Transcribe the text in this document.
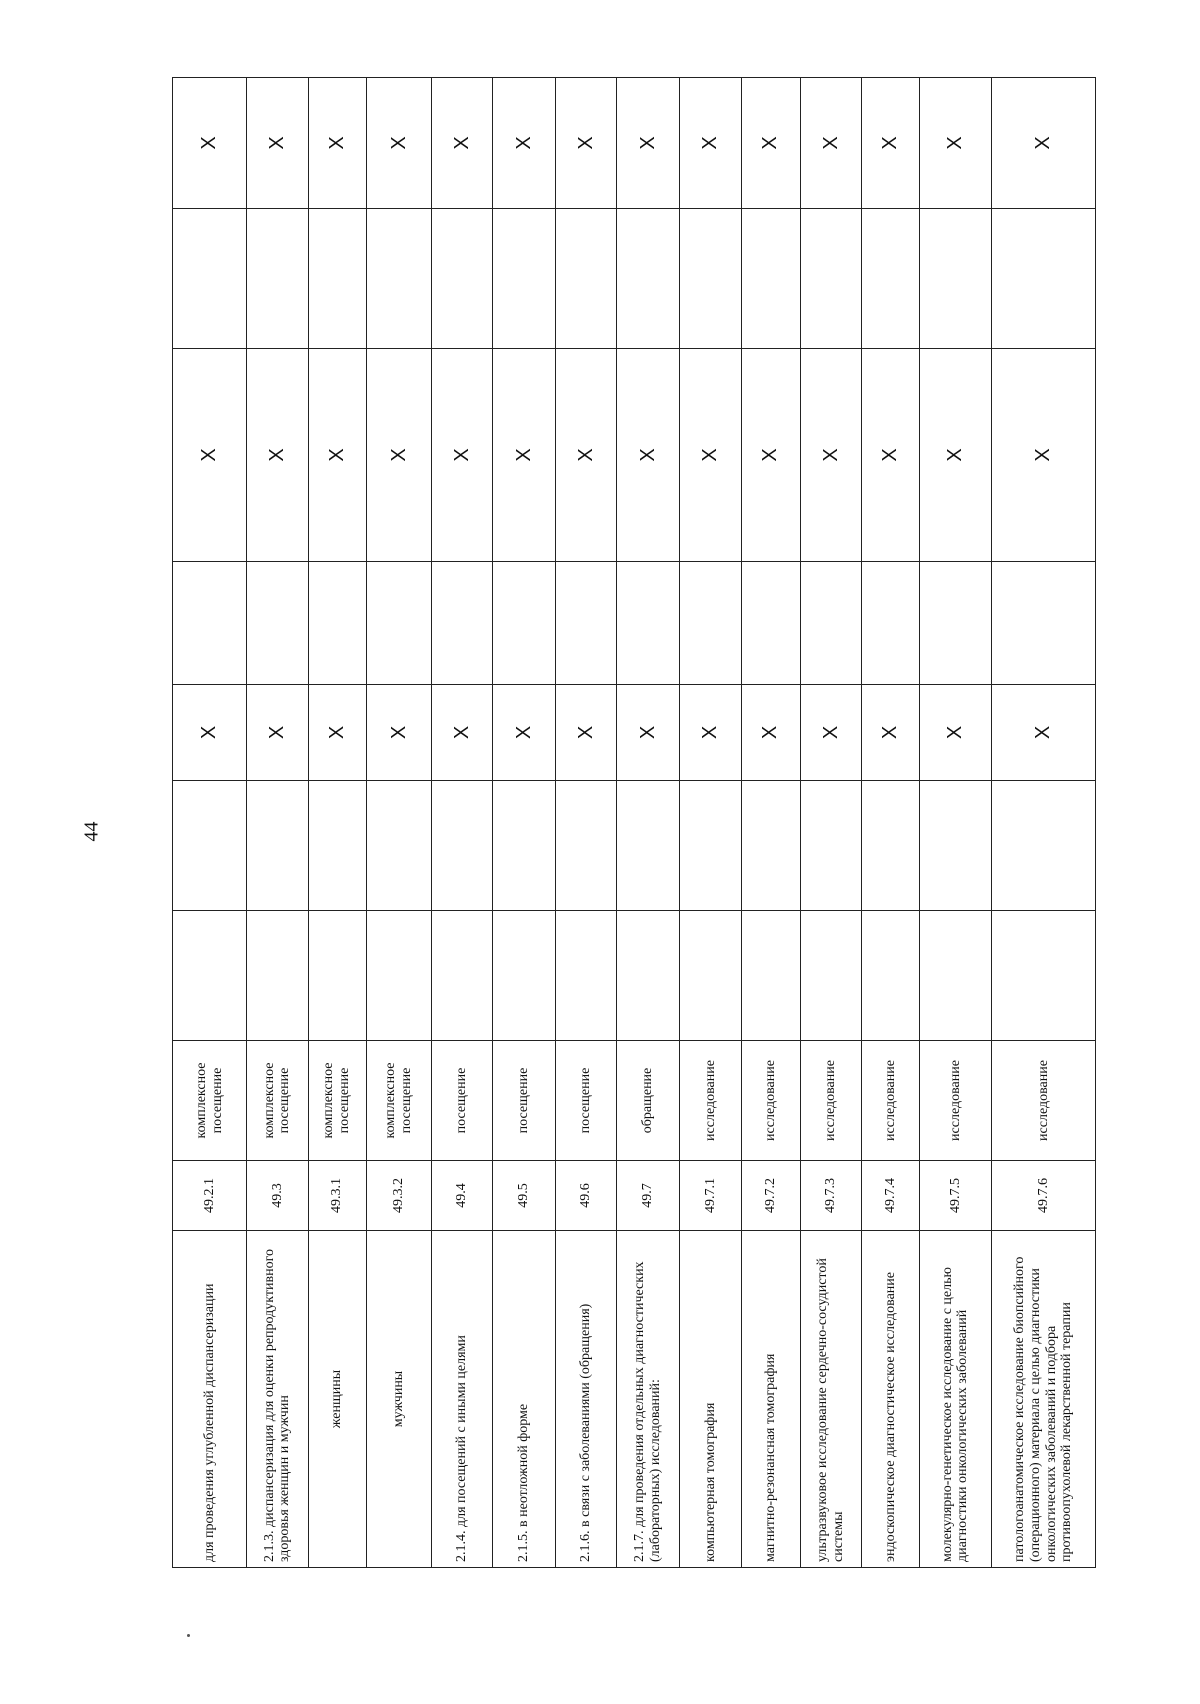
44
для проведения углубленной диспансеризации	49.2.1	комплексное посещение			X		X		X
2.1.3. диспансеризация для оценки репродуктивного здоровья женщин и мужчин	49.3	комплексное посещение			X		X		X
женщины	49.3.1	комплексное посещение			X		X		X
мужчины	49.3.2	комплексное посещение			X		X		X
2.1.4. для посещений с иными целями	49.4	посещение			X		X		X
2.1.5. в неотложной форме	49.5	посещение			X		X		X
2.1.6. в связи с заболеваниями (обращения)	49.6	посещение			X		X		X
2.1.7. для проведения отдельных диагностических (лабораторных) исследований:	49.7	обращение			X		X		X
компьютерная томография	49.7.1	исследование			X		X		X
магнитно-резонансная томография	49.7.2	исследование			X		X		X
ультразвуковое исследование сердечно-сосудистой системы	49.7.3	исследование			X		X		X
эндоскопическое диагностическое исследование	49.7.4	исследование			X		X		X
молекулярно-генетическое исследование с целью диагностики онкологических заболеваний	49.7.5	исследование			X		X		X
патологоанатомическое исследование биопсийного (операционного) материала с целью диагностики онкологических заболеваний и подбора противоопухолевой лекарственной терапии	49.7.6	исследование			X		X		X
